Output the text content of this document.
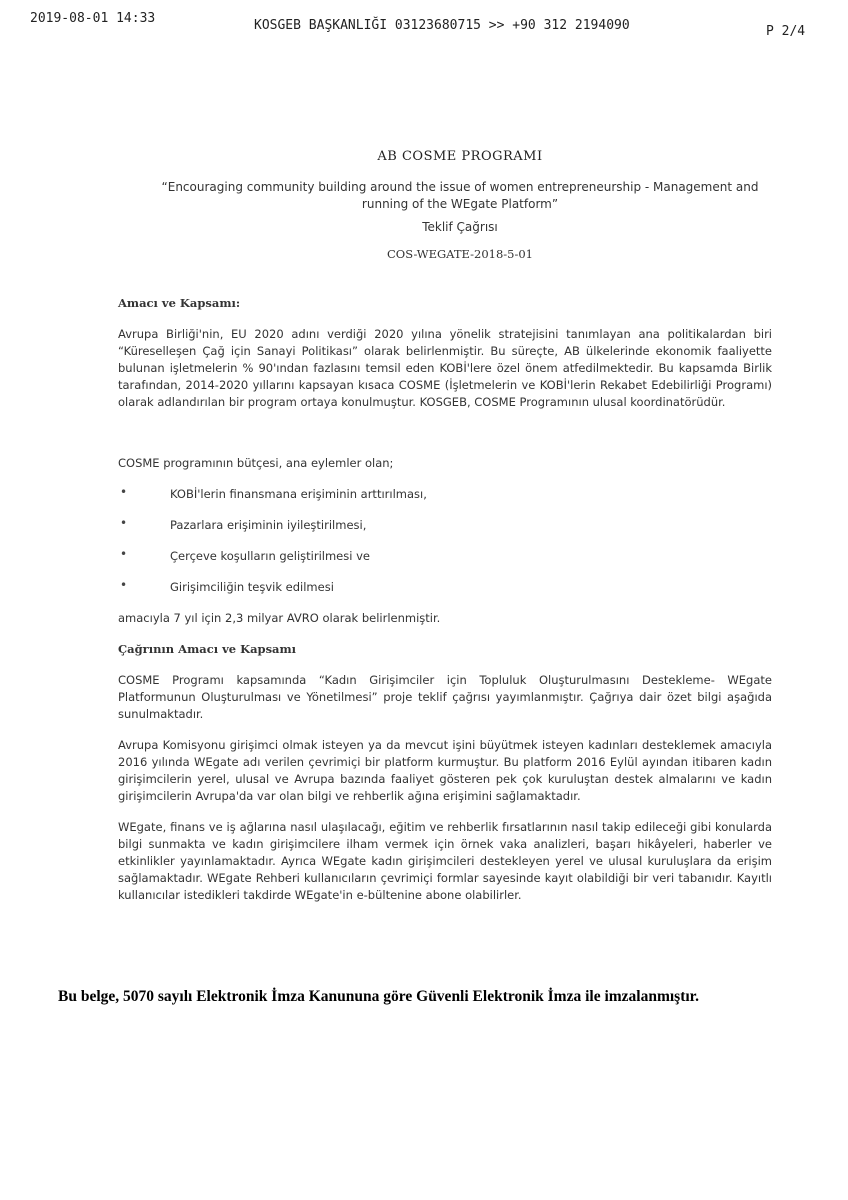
2019-08-01 14:33	KOSGEB BAŞKANLIĞI 03123680715 >> +90 312 2194090	P 2/4
AB COSME PROGRAMI
“Encouraging community building around the issue of women entrepreneurship - Management and running of the WEgate Platform”
Teklif Çağrısı
COS-WEGATE-2018-5-01
Amacı ve Kapsamı:

Avrupa Birliği'nin, EU 2020 adını verdiği 2020 yılına yönelik stratejisini tanımlayan ana politikalardan biri “Küreselleşen Çağ için Sanayi Politikası” olarak belirlenmiştir. Bu süreçte, AB ülkelerinde ekonomik faaliyette bulunan işletmelerin % 90'ından fazlasını temsil eden KOBİ'lere özel önem atfedilmektedir. Bu kapsamda Birlik tarafından, 2014-2020 yıllarını kapsayan kısaca COSME (İşletmelerin ve KOBİ'lerin Rekabet Edebilirliği Programı) olarak adlandırılan bir program ortaya konulmuştur. KOSGEB, COSME Programının ulusal koordinatörüdür.

COSME programının bütçesi, ana eylemler olan;

•	KOBİ'lerin finansmana erişiminin arttırılması,
•	Pazarlara erişiminin iyileştirilmesi,
•	Çerçeve koşulların geliştirilmesi ve
•	Girişimciliğin teşvik edilmesi

amacıyla 7 yıl için 2,3 milyar AVRO olarak belirlenmiştir.

Çağrının Amacı ve Kapsamı

COSME Programı kapsamında “Kadın Girişimciler için Topluluk Oluşturulmasını Destekleme- WEgate Platformunun Oluşturulması ve Yönetilmesi” proje teklif çağrısı yayımlanmıştır. Çağrıya dair özet bilgi aşağıda sunulmaktadır.

Avrupa Komisyonu girişimci olmak isteyen ya da mevcut işini büyütmek isteyen kadınları desteklemek amacıyla 2016 yılında WEgate adı verilen çevrimiçi bir platform kurmuştur. Bu platform 2016 Eylül ayından itibaren kadın girişimcilerin yerel, ulusal ve Avrupa bazında faaliyet gösteren pek çok kuruluştan destek almalarını ve kadın girişimcilerin Avrupa'da var olan bilgi ve rehberlik ağına erişimini sağlamaktadır.

WEgate, finans ve iş ağlarına nasıl ulaşılacağı, eğitim ve rehberlik fırsatlarının nasıl takip edileceği gibi konularda bilgi sunmakta ve kadın girişimcilere ilham vermek için örnek vaka analizleri, başarı hikâyeleri, haberler ve etkinlikler yayınlamaktadır. Ayrıca WEgate kadın girişimcileri destekleyen yerel ve ulusal kuruluşlara da erişim sağlamaktadır. WEgate Rehberi kullanıcıların çevrimiçi formlar sayesinde kayıt olabildiği bir veri tabanıdır. Kayıtlı kullanıcılar istedikleri takdirde WEgate'in e-bültenine abone olabilirler.

Bu belge, 5070 sayılı Elektronik İmza Kanununa göre Güvenli Elektronik İmza ile imzalanmıştır.
